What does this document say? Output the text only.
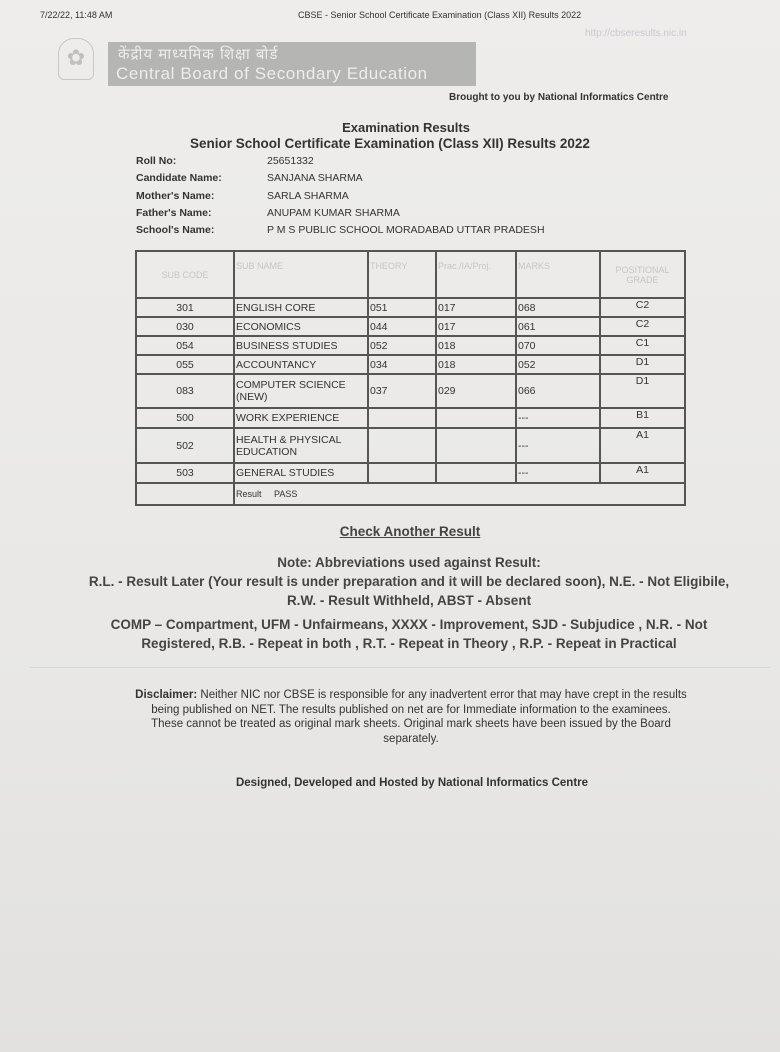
7/22/22, 11:48 AM	CBSE - Senior School Certificate Examination (Class XII) Results 2022
http://cbseresults.nic.in
✿	केंद्रीय माध्यमिक शिक्षा बोर्ड
Central Board of Secondary Education
Brought to you by National Informatics Centre
Examination Results
Senior School Certificate Examination (Class XII) Results 2022
Roll No:	25651332
Candidate Name:	SANJANA SHARMA
Mother's Name:	SARLA SHARMA
Father's Name:	ANUPAM KUMAR SHARMA
School's Name:	P M S PUBLIC SCHOOL MORADABAD UTTAR PRADESH
SUB CODE	SUB NAME	THEORY	Prac./IA/Proj.	MARKS	POSITIONAL GRADE
301	ENGLISH CORE	051	017	068	C2
030	ECONOMICS	044	017	061	C2
054	BUSINESS STUDIES	052	018	070	C1
055	ACCOUNTANCY	034	018	052	D1
083	COMPUTER SCIENCE (NEW)	037	029	066	D1
500	WORK EXPERIENCE			---	B1
502	HEALTH & PHYSICAL EDUCATION			---	A1
503	GENERAL STUDIES			---	A1
	Result PASS				
Check Another Result
Note: Abbreviations used against Result:
R.L. - Result Later (Your result is under preparation and it will be declared soon), N.E. - Not Eligibile,
R.W. - Result Withheld, ABST - Absent
COMP – Compartment, UFM - Unfairmeans, XXXX - Improvement, SJD - Subjudice , N.R. - Not
Registered, R.B. - Repeat in both , R.T. - Repeat in Theory , R.P. - Repeat in Practical
Disclaimer: Neither NIC nor CBSE is responsible for any inadvertent error that may have crept in the results being published on NET. The results published on net are for Immediate information to the examinees. These cannot be treated as original mark sheets. Original mark sheets have been issued by the Board separately.
Designed, Developed and Hosted by National Informatics Centre
